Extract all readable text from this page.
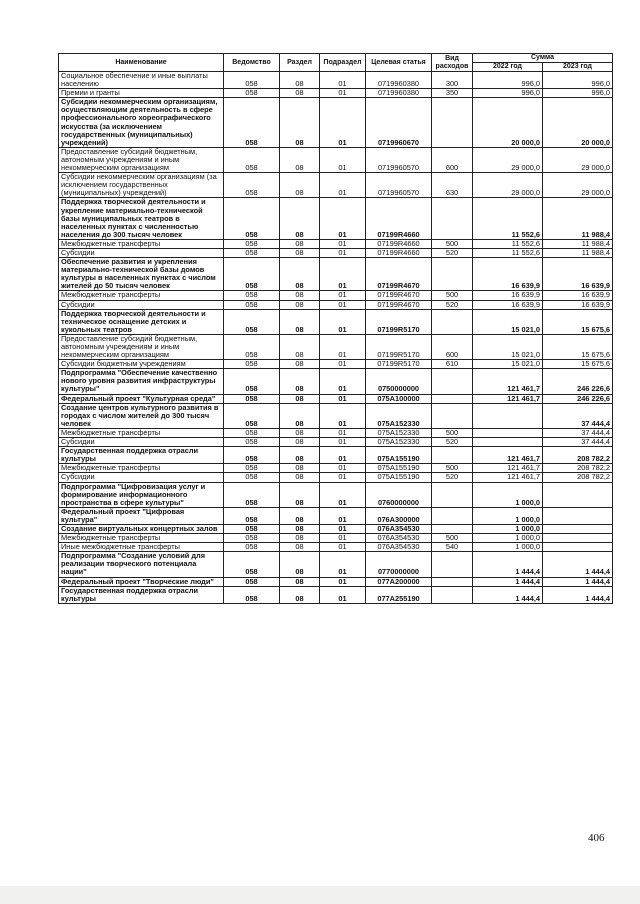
Наименование	Ведомство	Раздел	Подраздел	Целевая статья	Вид расходов	Сумма	
						2022 год	2023 год
Социальное обеспечение и иные выплаты населению	058	08	01	0719960380	300	996,0	996,0
Премии и гранты	058	08	01	0719960380	350	996,0	996,0
Субсидии некоммерческим организациям, осуществляющим деятельность в сфере профессионального хореографического искусства (за исключением государственных (муниципальных) учреждений)	058	08	01	0719960670		20 000,0	20 000,0
Предоставление субсидий бюджетным, автономным учреждениям и иным некоммерческим организациям	058	08	01	0719960570	600	29 000,0	29 000,0
Субсидии некоммерческим организациям (за исключением государственных (муниципальных) учреждений)	058	08	01	0719960570	630	29 000,0	29 000,0
Поддержка творческой деятельности и укрепление материально-технической базы муниципальных театров в населенных пунктах с численностью населения до 300 тысяч человек	058	08	01	07199R4660		11 552,6	11 988,4
Межбюджетные трансферты	058	08	01	07199R4660	500	11 552,6	11 988,4
Субсидии	058	08	01	07199R4660	520	11 552,6	11 988,4
Обеспечение развития и укрепления материально-технической базы домов культуры в населенных пунктах с числом жителей до 50 тысяч человек	058	08	01	07199R4670		16 639,9	16 639,9
Межбюджетные трансферты	058	08	01	07199R4670	500	16 639,9	16 639,9
Субсидии	058	08	01	07199R4670	520	16 639,9	16 639,9
Поддержка творческой деятельности и техническое оснащение детских и кукольных театров	058	08	01	07199R5170		15 021,0	15 675,6
Предоставление субсидий бюджетным, автономным учреждениям и иным некоммерческим организациям	058	08	01	07199R5170	600	15 021,0	15 675,6
Субсидии бюджетным учреждениям	058	08	01	07199R5170	610	15 021,0	15 675,6
Подпрограмма "Обеспечение качественно нового уровня развития инфраструктуры культуры"	058	08	01	0750000000		121 461,7	246 226,6
Федеральный проект "Культурная среда"	058	08	01	075A100000		121 461,7	246 226,6
Создание центров культурного развития в городах с числом жителей до 300 тысяч человек	058	08	01	075A152330			37 444,4
Межбюджетные трансферты	058	08	01	075A152330	500		37 444,4
Субсидии	058	08	01	075A152330	520		37 444,4
Государственная поддержка отрасли культуры	058	08	01	075A155190		121 461,7	208 782,2
Межбюджетные трансферты	058	08	01	075A155190	500	121 461,7	208 782,2
Субсидии	058	08	01	075A155190	520	121 461,7	208 782,2
Подпрограмма "Цифровизация услуг и формирование информационного пространства в сфере культуры"	058	08	01	0760000000		1 000,0	
Федеральный проект "Цифровая культура"	058	08	01	076A300000		1 000,0	
Создание виртуальных концертных залов	058	08	01	076A354530		1 000,0	
Межбюджетные трансферты	058	08	01	076A354530	500	1 000,0	
Иные межбюджетные трансферты	058	08	01	076A354530	540	1 000,0	
Подпрограмма "Создание условий для реализации творческого потенциала нации"	058	08	01	0770000000		1 444,4	1 444,4
Федеральный проект "Творческие люди"	058	08	01	077A200000		1 444,4	1 444,4
Государственная поддержка отрасли культуры	058	08	01	077A255190		1 444,4	1 444,4
406
